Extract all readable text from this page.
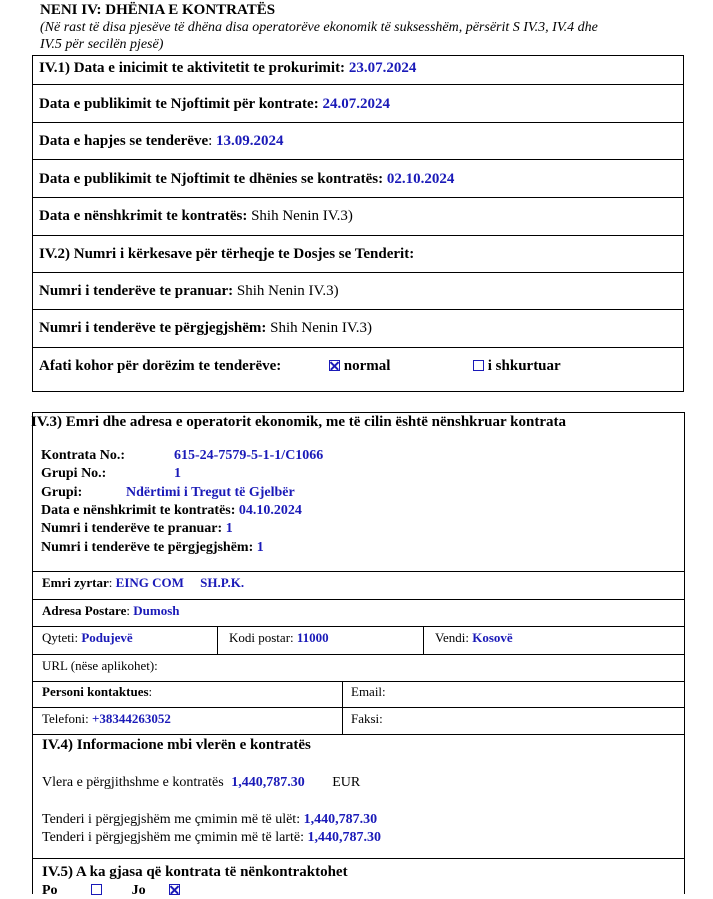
NENI IV: DHËNIA E KONTRATËS
(Në rast të disa pjesëve të dhëna disa operatorëve ekonomik të suksesshëm, përsërit S IV.3, IV.4 dhe
IV.5 për secilën pjesë)
IV.1) Data e inicimit te aktivitetit te prokurimit: 23.07.2024
Data e publikimit te Njoftimit për kontrate: 24.07.2024
Data e hapjes se tenderëve: 13.09.2024
Data e publikimit te Njoftimit te dhënies se kontratës: 02.10.2024
Data e nënshkrimit te kontratës: Shih Nenin IV.3)
IV.2) Numri i kërkesave për tërheqje te Dosjes se Tenderit:
Numri i tenderëve te pranuar: Shih Nenin IV.3)
Numri i tenderëve te përgjegjshëm: Shih Nenin IV.3)
Afati kohor për dorëzim te tenderëve:	normal	i shkurtuar
IV.3) Emri dhe adresa e operatorit ekonomik, me të cilin është nënshkruar kontrata
Kontrata No.:	615-24-7579-5-1-1/C1066
Grupi No.:	1
Grupi:	Ndërtimi i Tregut të Gjelbër
Data e nënshkrimit te kontratës: 04.10.2024
Numri i tenderëve te pranuar: 1
Numri i tenderëve te përgjegjshëm: 1
Emri zyrtar: EING COM     SH.P.K.
Adresa Postare: Dumosh
Qyteti: Podujevë	Kodi postar: 11000	Vendi: Kosovë
URL (nëse aplikohet):
Personi kontaktues:	Email:
Telefoni: +38344263052	Faksi:
IV.4) Informacione mbi vlerën e kontratës
Vlera e përgjithshme e kontratës 1,440,787.30 EUR
Tenderi i përgjegjshëm me çmimin më të ulët: 1,440,787.30
Tenderi i përgjegjshëm me çmimin më të lartë: 1,440,787.30
IV.5) A ka gjasa që kontrata të nënkontraktohet
Po	Jo
